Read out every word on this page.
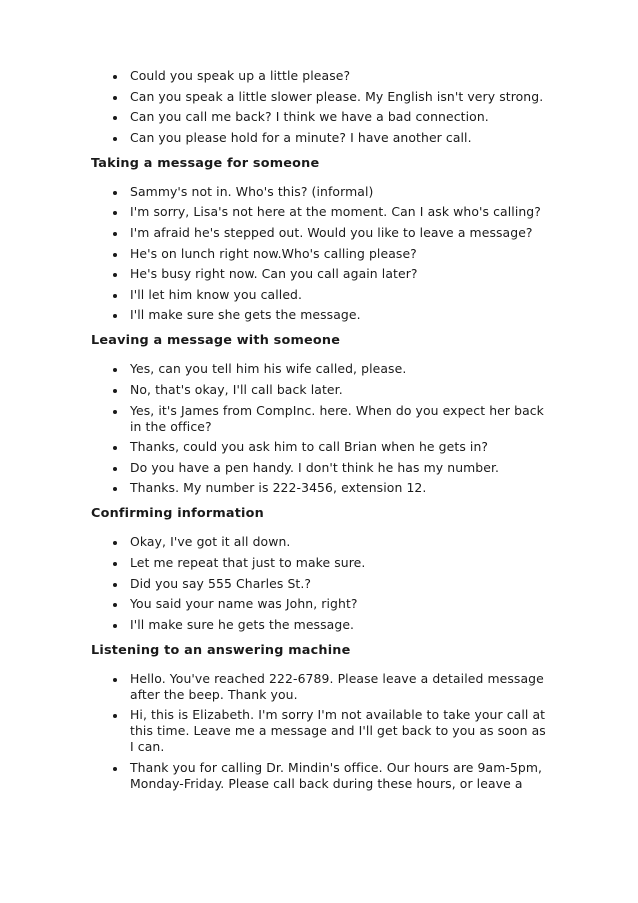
Could you speak up a little please?
Can you speak a little slower please. My English isn't very strong.
Can you call me back? I think we have a bad connection.
Can you please hold for a minute? I have another call.
Taking a message for someone
Sammy's not in. Who's this? (informal)
I'm sorry, Lisa's not here at the moment. Can I ask who's calling?
I'm afraid he's stepped out. Would you like to leave a message?
He's on lunch right now.Who's calling please?
He's busy right now. Can you call again later?
I'll let him know you called.
I'll make sure she gets the message.
Leaving a message with someone
Yes, can you tell him his wife called, please.
No, that's okay, I'll call back later.
Yes, it's James from CompInc. here. When do you expect her back in the office?
Thanks, could you ask him to call Brian when he gets in?
Do you have a pen handy. I don't think he has my number.
Thanks. My number is 222-3456, extension 12.
Confirming information
Okay, I've got it all down.
Let me repeat that just to make sure.
Did you say 555 Charles St.?
You said your name was John, right?
I'll make sure he gets the message.
Listening to an answering machine
Hello. You've reached 222-6789. Please leave a detailed message after the beep. Thank you.
Hi, this is Elizabeth. I'm sorry I'm not available to take your call at this time. Leave me a message and I'll get back to you as soon as I can.
Thank you for calling Dr. Mindin's office. Our hours are 9am-5pm, Monday-Friday. Please call back during these hours, or leave a
